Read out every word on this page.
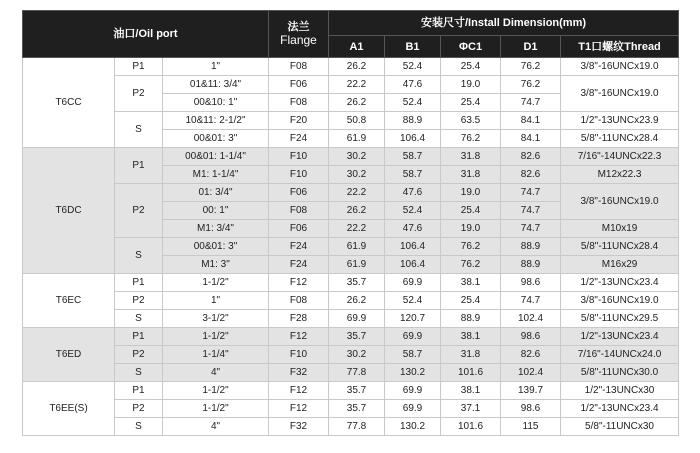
油口/Oil port			法兰
Flange	安装尺寸/Install Dimension(mm)				
				A1	B1	ΦC1	D1	T1口螺纹Thread
T6CC	P1	1"	F08	26.2	52.4	25.4	76.2	3/8"-16UNCx19.0
	P2	01&11: 3/4"	F06	22.2	47.6	19.0	76.2	3/8"-16UNCx19.0
		00&10: 1"	F08	26.2	52.4	25.4	74.7	
	S	10&11: 2-1/2"	F20	50.8	88.9	63.5	84.1	1/2"-13UNCx23.9
		00&01: 3"	F24	61.9	106.4	76.2	84.1	5/8"-11UNCx28.4
T6DC	P1	00&01: 1-1/4"	F10	30.2	58.7	31.8	82.6	7/16"-14UNCx22.3
		M1: 1-1/4"	F10	30.2	58.7	31.8	82.6	M12x22.3
	P2	01: 3/4"	F06	22.2	47.6	19.0	74.7	3/8"-16UNCx19.0
		00: 1"	F08	26.2	52.4	25.4	74.7	
		M1: 3/4"	F06	22.2	47.6	19.0	74.7	M10x19
	S	00&01: 3"	F24	61.9	106.4	76.2	88.9	5/8"-11UNCx28.4
		M1: 3"	F24	61.9	106.4	76.2	88.9	M16x29
T6EC	P1	1-1/2"	F12	35.7	69.9	38.1	98.6	1/2"-13UNCx23.4
	P2	1"	F08	26.2	52.4	25.4	74.7	3/8"-16UNCx19.0
	S	3-1/2"	F28	69.9	120.7	88.9	102.4	5/8"-11UNCx29.5
T6ED	P1	1-1/2"	F12	35.7	69.9	38.1	98.6	1/2"-13UNCx23.4
	P2	1-1/4"	F10	30.2	58.7	31.8	82.6	7/16"-14UNCx24.0
	S	4"	F32	77.8	130.2	101.6	102.4	5/8"-11UNCx30.0
T6EE(S)	P1	1-1/2"	F12	35.7	69.9	38.1	139.7	1/2"-13UNCx30
	P2	1-1/2"	F12	35.7	69.9	37.1	98.6	1/2"-13UNCx23.4
	S	4"	F32	77.8	130.2	101.6	115	5/8"-11UNCx30
